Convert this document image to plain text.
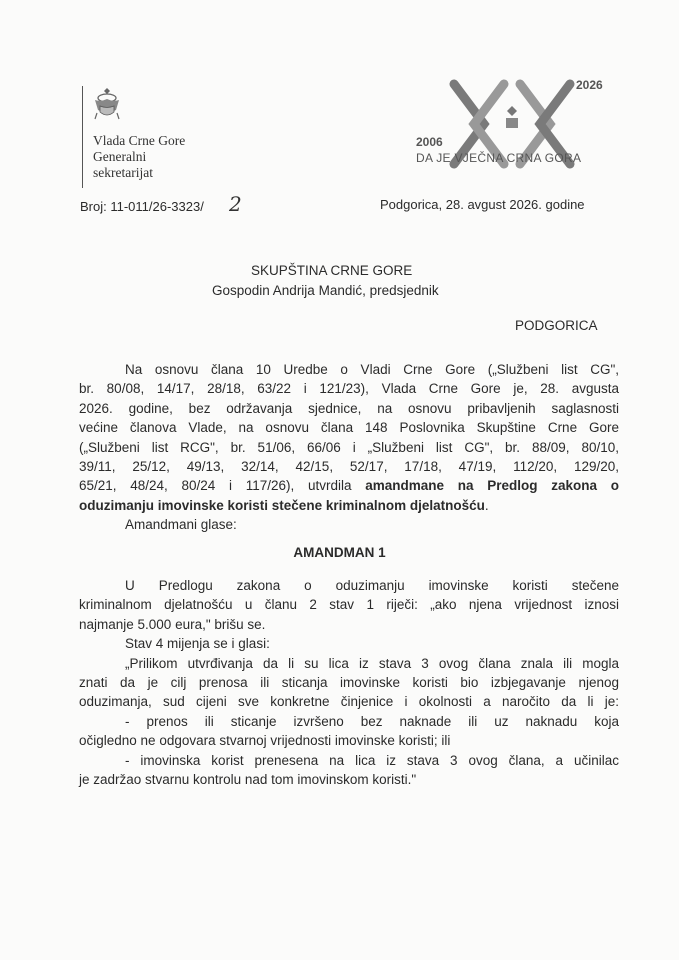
Vlada Crne Gore
Generalni
sekretarijat
2026
2006
DA JE VJEČNA CRNA GORA
Broj: 11-011/26-3323/ 2	Podgorica, 28. avgust 2026. godine
SKUPŠTINA CRNE GORE
Gospodin Andrija Mandić, predsjednik
PODGORICA
Na osnovu člana 10 Uredbe o Vladi Crne Gore („Službeni list CG",
br. 80/08, 14/17, 28/18, 63/22 i 121/23), Vlada Crne Gore je, 28. avgusta
2026. godine, bez održavanja sjednice, na osnovu pribavljenih saglasnosti
većine članova Vlade, na osnovu člana 148 Poslovnika Skupštine Crne Gore
(„Službeni list RCG", br. 51/06, 66/06 i „Službeni list CG", br. 88/09, 80/10,
39/11, 25/12, 49/13, 32/14, 42/15, 52/17, 17/18, 47/19, 112/20, 129/20,
65/21, 48/24, 80/24 i 117/26), utvrdila amandmane na Predlog zakona o
oduzimanju imovinske koristi stečene kriminalnom djelatnošću.
Amandmani glase:
AMANDMAN 1
U Predlogu zakona o oduzimanju imovinske koristi stečene
kriminalnom djelatnošću u članu 2 stav 1 riječi: „ako njena vrijednost iznosi
najmanje 5.000 eura," brišu se.
Stav 4 mijenja se i glasi:
„Prilikom utvrđivanja da li su lica iz stava 3 ovog člana znala ili mogla
znati da je cilj prenosa ili sticanja imovinske koristi bio izbjegavanje njenog
oduzimanja, sud cijeni sve konkretne činjenice i okolnosti a naročito da li je:
- prenos ili sticanje izvršeno bez naknade ili uz naknadu koja
očigledno ne odgovara stvarnoj vrijednosti imovinske koristi; ili
- imovinska korist prenesena na lica iz stava 3 ovog člana, a učinilac
je zadržao stvarnu kontrolu nad tom imovinskom koristi."
